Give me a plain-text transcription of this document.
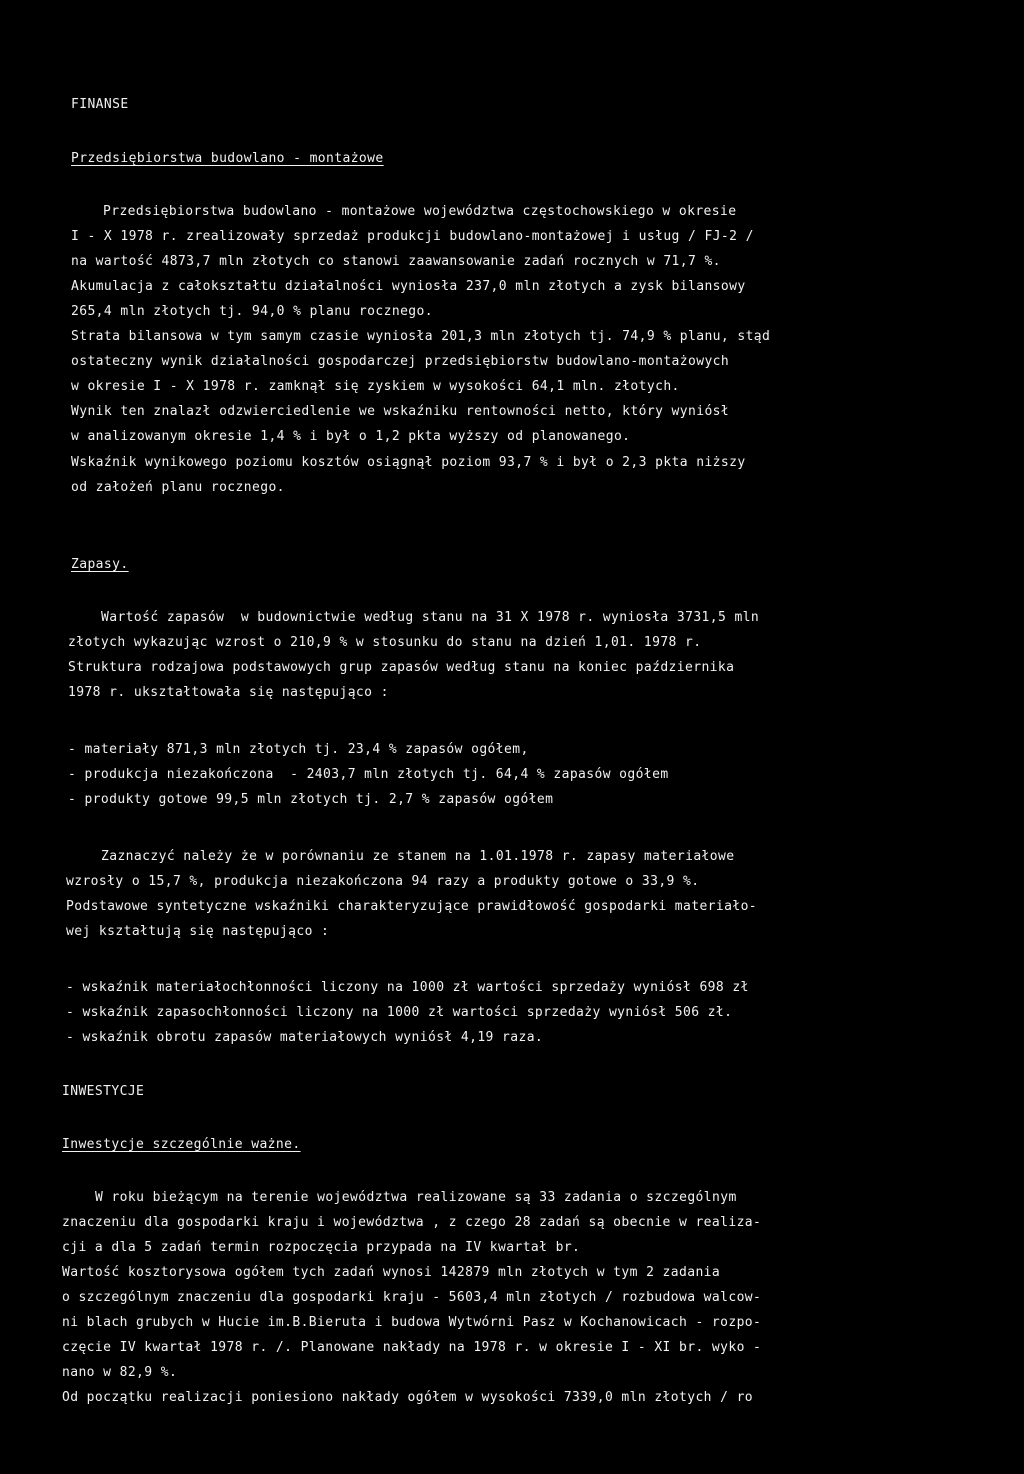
FINANSE
Przedsiębiorstwa budowlano - montażowe
Przedsiębiorstwa budowlano - montażowe województwa częstochowskiego w okresie
I - X 1978 r. zrealizowały sprzedaż produkcji budowlano-montażowej i usług / FJ-2 /
na wartość 4873,7 mln złotych co stanowi zaawansowanie zadań rocznych w 71,7 %.
Akumulacja z całokształtu działalności wyniosła 237,0 mln złotych a zysk bilansowy
265,4 mln złotych tj. 94,0 % planu rocznego.
Strata bilansowa w tym samym czasie wyniosła 201,3 mln złotych tj. 74,9 % planu, stąd
ostateczny wynik działalności gospodarczej przedsiębiorstw budowlano-montażowych
w okresie I - X 1978 r. zamknął się zyskiem w wysokości 64,1 mln. złotych.
Wynik ten znalazł odzwierciedlenie we wskaźniku rentowności netto, który wyniósł
w analizowanym okresie 1,4 % i był o 1,2 pkta wyższy od planowanego.
Wskaźnik wynikowego poziomu kosztów osiągnął poziom 93,7 % i był o 2,3 pkta niższy
od założeń planu rocznego.
Zapasy.
Wartość zapasów  w budownictwie według stanu na 31 X 1978 r. wyniosła 3731,5 mln
złotych wykazując wzrost o 210,9 % w stosunku do stanu na dzień 1,01. 1978 r.
Struktura rodzajowa podstawowych grup zapasów według stanu na koniec października
1978 r. ukształtowała się następująco :
- materiały 871,3 mln złotych tj. 23,4 % zapasów ogółem,
- produkcja niezakończona  - 2403,7 mln złotych tj. 64,4 % zapasów ogółem
- produkty gotowe 99,5 mln złotych tj. 2,7 % zapasów ogółem
Zaznaczyć należy że w porównaniu ze stanem na 1.01.1978 r. zapasy materiałowe
wzrosły o 15,7 %, produkcja niezakończona 94 razy a produkty gotowe o 33,9 %.
Podstawowe syntetyczne wskaźniki charakteryzujące prawidłowość gospodarki materiało-
wej kształtują się następująco :
- wskaźnik materiałochłonności liczony na 1000 zł wartości sprzedaży wyniósł 698 zł
- wskaźnik zapasochłonności liczony na 1000 zł wartości sprzedaży wyniósł 506 zł.
- wskaźnik obrotu zapasów materiałowych wyniósł 4,19 raza.
INWESTYCJE
Inwestycje szczególnie ważne.
W roku bieżącym na terenie województwa realizowane są 33 zadania o szczególnym
znaczeniu dla gospodarki kraju i województwa , z czego 28 zadań są obecnie w realiza-
cji a dla 5 zadań termin rozpoczęcia przypada na IV kwartał br.
Wartość kosztorysowa ogółem tych zadań wynosi 142879 mln złotych w tym 2 zadania
o szczególnym znaczeniu dla gospodarki kraju - 5603,4 mln złotych / rozbudowa walcow-
ni blach grubych w Hucie im.B.Bieruta i budowa Wytwórni Pasz w Kochanowicach - rozpo-
częcie IV kwartał 1978 r. /. Planowane nakłady na 1978 r. w okresie I - XI br. wyko -
nano w 82,9 %.
Od początku realizacji poniesiono nakłady ogółem w wysokości 7339,0 mln złotych / ro
